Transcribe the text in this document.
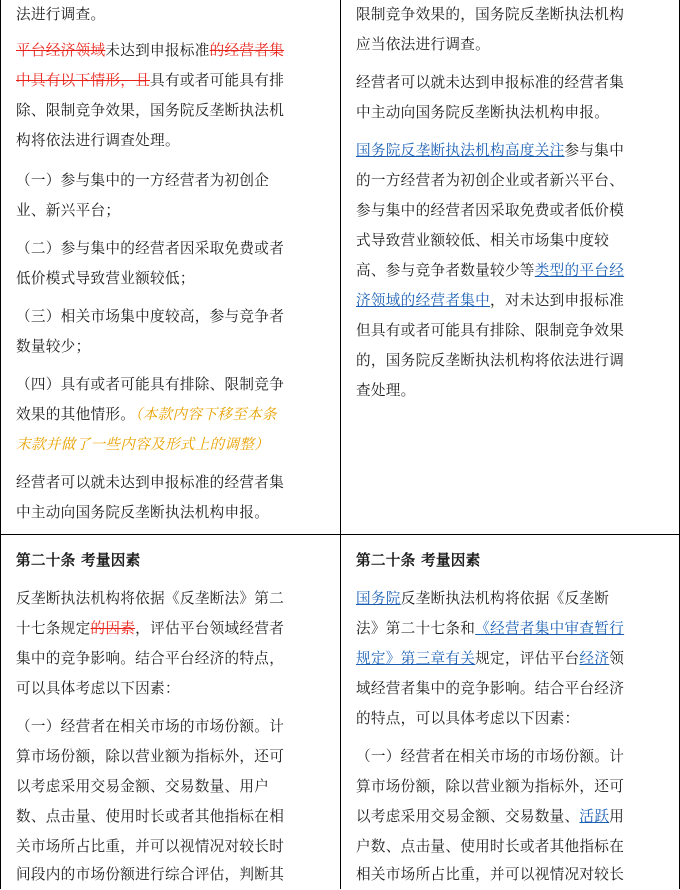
法进行调查。

平台经济领域未达到申报标准的经营者集

中具有以下情形，且具有或者可能具有排

除、限制竞争效果，国务院反垄断执法机

构将依法进行调查处理。

（一）参与集中的一方经营者为初创企

业、新兴平台；

（二）参与集中的经营者因采取免费或者

低价模式导致营业额较低；

（三）相关市场集中度较高，参与竞争者

数量较少；

（四）具有或者可能具有排除、限制竞争

效果的其他情形。（本款内容下移至本条

末款并做了一些内容及形式上的调整）

经营者可以就未达到申报标准的经营者集

中主动向国务院反垄断执法机构申报。

限制竞争效果的，国务院反垄断执法机构

应当依法进行调查。

经营者可以就未达到申报标准的经营者集

中主动向国务院反垄断执法机构申报。

国务院反垄断执法机构高度关注参与集中

的一方经营者为初创企业或者新兴平台、

参与集中的经营者因采取免费或者低价模

式导致营业额较低、相关市场集中度较

高、参与竞争者数量较少等类型的平台经

济领域的经营者集中，对未达到申报标准

但具有或者可能具有排除、限制竞争效果

的，国务院反垄断执法机构将依法进行调

查处理。

第二十条 考量因素

反垄断执法机构将依据《反垄断法》第二

十七条规定的因素，评估平台领域经营者

集中的竞争影响。结合平台经济的特点，

可以具体考虑以下因素：

（一）经营者在相关市场的市场份额。计

算市场份额，除以营业额为指标外，还可

以考虑采用交易金额、交易数量、用户

数、点击量、使用时长或者其他指标在相

关市场所占比重，并可以视情况对较长时

间段内的市场份额进行综合评估，判断其

第二十条 考量因素

国务院反垄断执法机构将依据《反垄断

法》第二十七条和《经营者集中审查暂行

规定》第三章有关规定，评估平台经济领

域经营者集中的竞争影响。结合平台经济

的特点，可以具体考虑以下因素：

（一）经营者在相关市场的市场份额。计

算市场份额，除以营业额为指标外，还可

以考虑采用交易金额、交易数量、活跃用

户数、点击量、使用时长或者其他指标在

相关市场所占比重，并可以视情况对较长
